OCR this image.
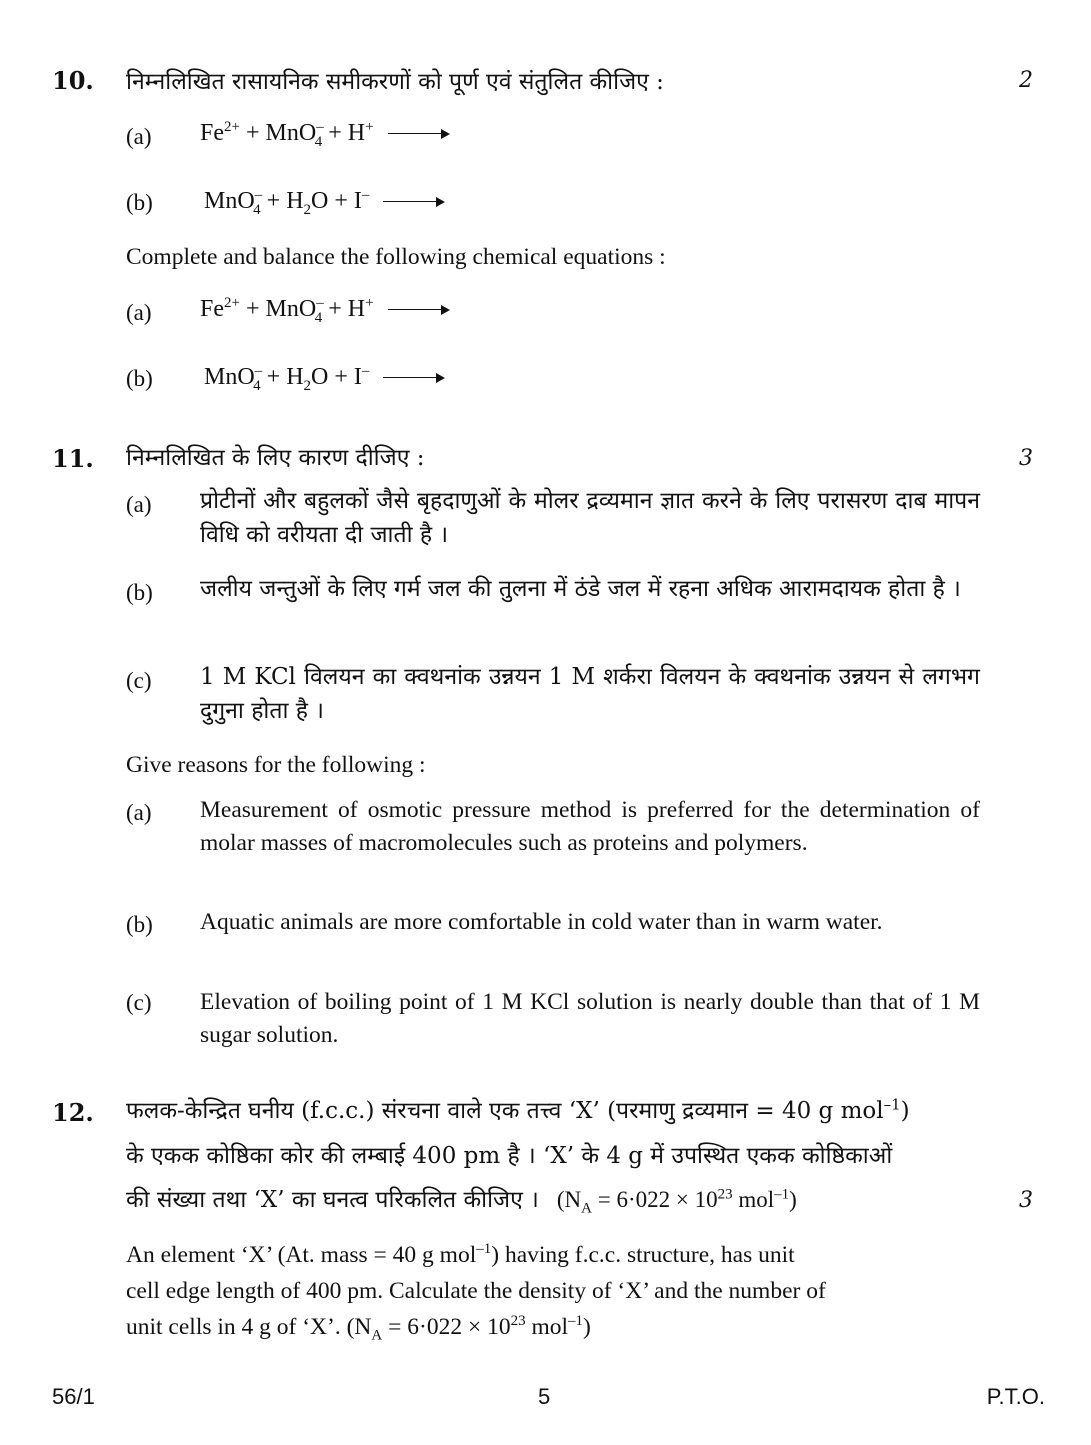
10. निम्नलिखित रासायनिक समीकरणों को पूर्ण एवं संतुलित कीजिए :	2
(a) $Fe^{2+} + MnO^-_4 + H^+$
(b) $MnO^-_4 + H_2O + I^-$
Complete and balance the following chemical equations :
(a) $Fe^{2+} + MnO^-_4 + H^+$
(b) $MnO^-_4 + H_2O + I^-$
11. निम्नलिखित के लिए कारण दीजिए :	3
(a) प्रोटीनों और बहुलकों जैसे बृहदाणुओं के मोलर द्रव्यमान ज्ञात करने के लिए परासरण दाब मापन विधि को वरीयता दी जाती है ।
(b) जलीय जन्तुओं के लिए गर्म जल की तुलना में ठंडे जल में रहना अधिक आरामदायक होता है ।
(c) 1 M KCl विलयन का क्वथनांक उन्नयन 1 M शर्करा विलयन के क्वथनांक उन्नयन से लगभग दुगुना होता है ।
Give reasons for the following :
(a) Measurement of osmotic pressure method is preferred for the determination of molar masses of macromolecules such as proteins and polymers.
(b) Aquatic animals are more comfortable in cold water than in warm water.
(c) Elevation of boiling point of 1 M KCl solution is nearly double than that of 1 M sugar solution.
12. फलक-केन्द्रित घनीय (f.c.c.) संरचना वाले एक तत्त्व ‘X’ (परमाणु द्रव्यमान = 40 g mol$^{-1}$)
के एकक कोष्ठिका कोर की लम्बाई 400 pm है । ‘X’ के 4 g में उपस्थित एकक कोष्ठिकाओं
की संख्या तथा ‘X’ का घनत्व परिकलित कीजिए । ($N_A = 6\cdot 022 \times 10^{23}$ mol$^{-1}$)	3
An element ‘X’ (At. mass = 40 g mol$^{-1}$) having f.c.c. structure, has unit
cell edge length of 400 pm. Calculate the density of ‘X’ and the number of
unit cells in 4 g of ‘X’. ($N_A = 6\cdot 022 \times 10^{23}$ mol$^{-1}$)
56/1	5	P.T.O.
